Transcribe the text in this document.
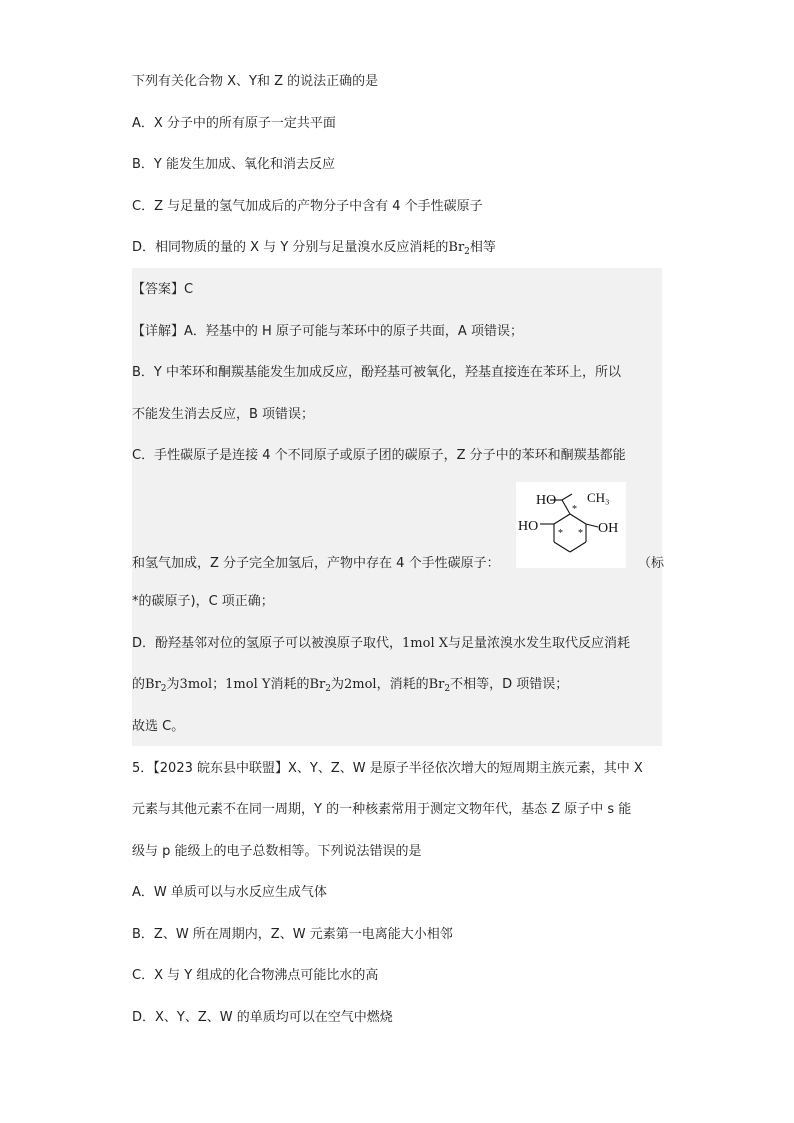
下列有关化合物 X、Y和 Z 的说法正确的是
A．X 分子中的所有原子一定共平面
B．Y 能发生加成、氧化和消去反应
C．Z 与足量的氢气加成后的产物分子中含有 4 个手性碳原子
D．相同物质的量的 X 与 Y 分别与足量溴水反应消耗的$Br_2$相等
【答案】C
【详解】A．羟基中的 H 原子可能与苯环中的原子共面，A 项错误；
B．Y 中苯环和酮羰基能发生加成反应，酚羟基可被氧化，羟基直接连在苯环上，所以
不能发生消去反应，B 项错误；
C．手性碳原子是连接 4 个不同原子或原子团的碳原子，Z 分子中的苯环和酮羰基都能
HO CH₃
HO	OH
*
* *
和氢气加成，Z 分子完全加氢后，产物中存在 4 个手性碳原子：	（标
*的碳原子)，C 项正确；
D．酚羟基邻对位的氢原子可以被溴原子取代，1mol X与足量浓溴水发生取代反应消耗
的$Br_2$为3mol；1mol Y消耗的$Br_2$为2mol，消耗的$Br_2$不相等，D 项错误；
故选 C。
5．【2023 皖东县中联盟】X、Y、Z、W 是原子半径依次增大的短周期主族元素，其中 X
元素与其他元素不在同一周期，Y 的一种核素常用于测定文物年代，基态 Z 原子中 s 能
级与 p 能级上的电子总数相等。下列说法错误的是
A．W 单质可以与水反应生成气体
B．Z、W 所在周期内，Z、W 元素第一电离能大小相邻
C．X 与 Y 组成的化合物沸点可能比水的高
D．X、Y、Z、W 的单质均可以在空气中燃烧
